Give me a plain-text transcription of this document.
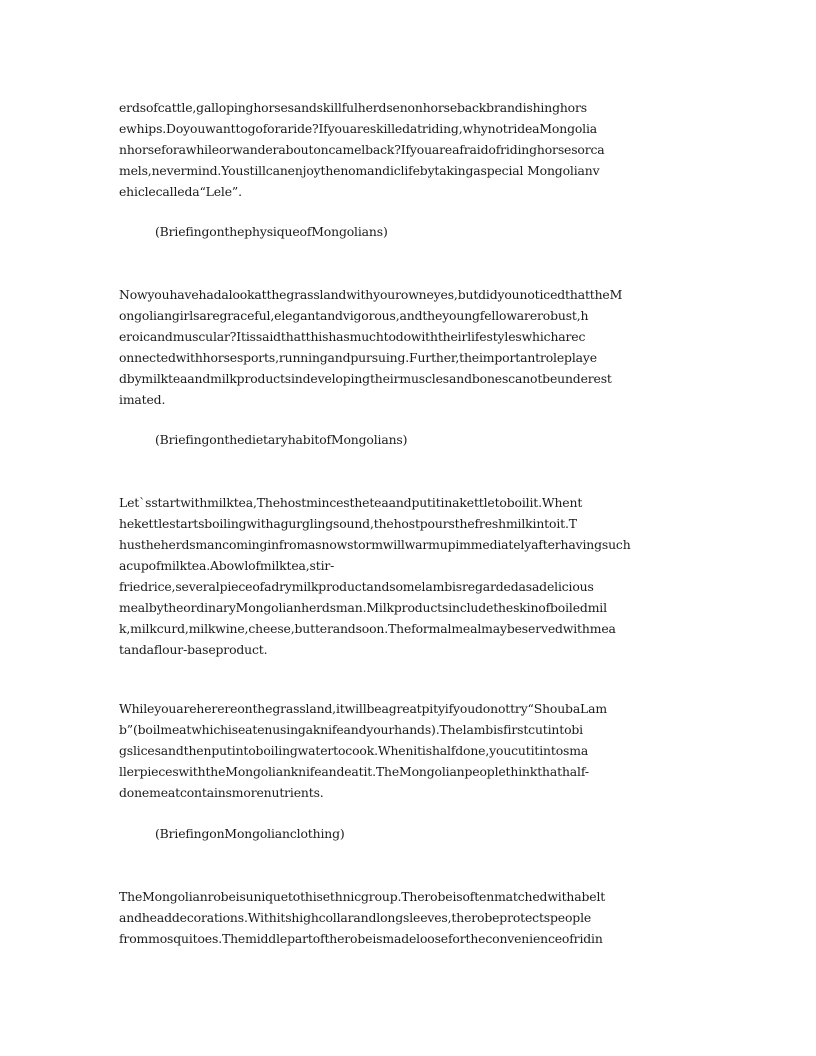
erdsofcattle,gallopinghorsesandskillfulherdsenonhorsebackbrandishinghors
ewhips.Doyouwanttogoforaride?Ifyouareskilledatriding,whynotrideaMongolia
nhorseforawhileorwanderaboutoncamelback?Ifyouareafraidofridinghorsesorca
mels,nevermind.Youstillcanenjoythenomandiclifebytakingaspecial Mongolianv
ehiclecalleda“Lele”.
(BriefingonthephysiqueofMongolians)
Nowyouhavehadalookatthegrasslandwithyourowneyes,butdidyounoticedthattheM
ongoliangirlsaregraceful,elegantandvigorous,andtheyoungfellowarerobust,h
eroicandmuscular?Itissaidthatthishasmuchtodowiththeirlifestyleswhicharec
onnectedwithhorsesports,runningandpursuing.Further,theimportantroleplaye
dbymilkteaandmilkproductsindevelopingtheirmusclesandbonescanotbeunderest
imated.
(BriefingonthedietaryhabitofMongolians)
Let`sstartwithmilktea,Thehostmincestheteaandputitinakettletoboilit.Whent
hekettlestartsboilingwithagurglingsound,thehostpoursthefreshmilkintoit.T
hustheherdsmancominginfromasnowstormwillwarmupimmediatelyafterhavingsuch
acupofmilktea.Abowlofmilktea,stir-
friedrice,severalpieceofadrymilkproductandsomelambisregardedasadelicious
mealbytheordinaryMongolianherdsman.Milkproductsincludetheskinofboiledmil
k,milkcurd,milkwine,cheese,butterandsoon.Theformalmealmaybeservedwithmea
tandaflour-baseproduct.
Whileyouareherereonthegrassland,itwillbeagreatpityifyoudonottry“ShoubaLam
b”(boilmeatwhichiseatenusingaknifeandyourhands).Thelambisfirstcutintobi
gslicesandthenputintoboilingwatertocook.Whenitishalfdone,youcutitintosma
llerpieceswiththeMongolianknifeandeatit.TheMongolianpeoplethinkthathalf-
donemeatcontainsmorenutrients.
(BriefingonMongolianclothing)
TheMongolianrobeisuniquetothisethnicgroup.Therobeisoftenmatchedwithabelt
andheaddecorations.Withitshighcollarandlongsleeves,therobeprotectspeople
frommosquitoes.Themiddlepartoftherobeismadeloosefortheconvenienceofridin
